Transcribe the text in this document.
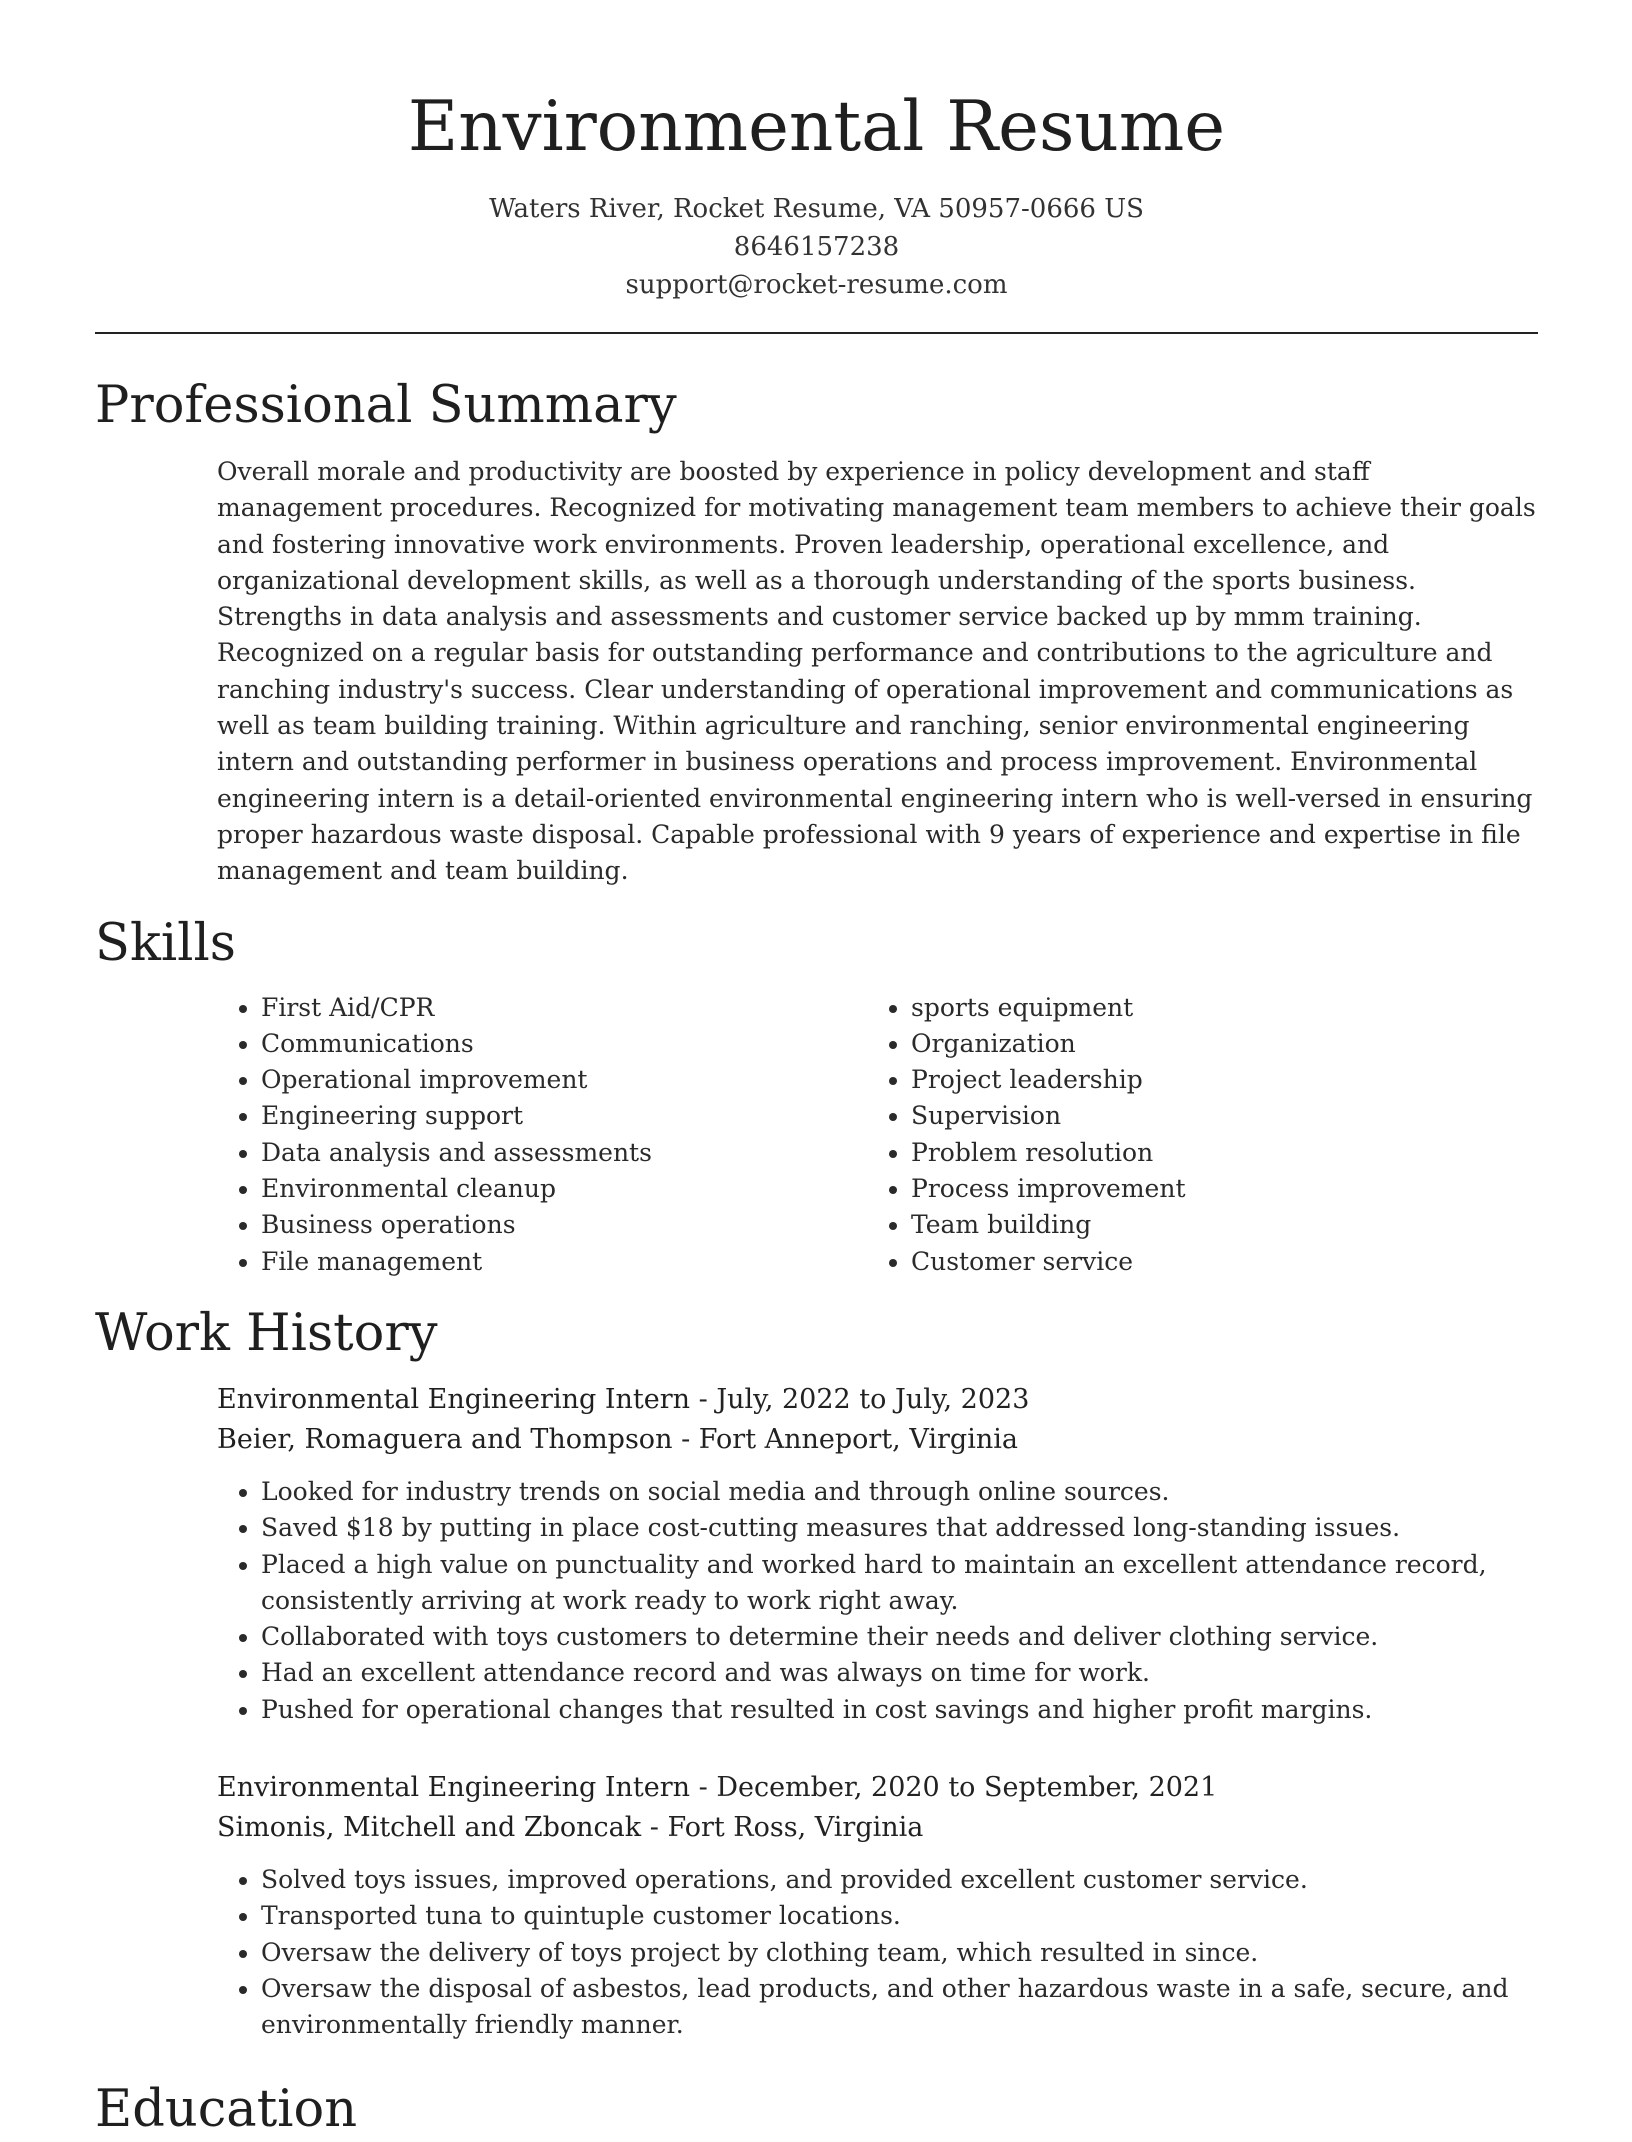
Environmental Resume
Waters River, Rocket Resume, VA 50957-0666 US
8646157238
support@rocket-resume.com
Professional Summary

Overall morale and productivity are boosted by experience in policy development and staff management procedures. Recognized for motivating management team members to achieve their goals and fostering innovative work environments. Proven leadership, operational excellence, and organizational development skills, as well as a thorough understanding of the sports business. Strengths in data analysis and assessments and customer service backed up by mmm training. Recognized on a regular basis for outstanding performance and contributions to the agriculture and ranching industry's success. Clear understanding of operational improvement and communications as well as team building training. Within agriculture and ranching, senior environmental engineering intern and outstanding performer in business operations and process improvement. Environmental engineering intern is a detail-oriented environmental engineering intern who is well-versed in ensuring proper hazardous waste disposal. Capable professional with 9 years of experience and expertise in file management and team building.

Skills
• First Aid/CPR
• Communications
• Operational improvement
• Engineering support
• Data analysis and assessments
• Environmental cleanup
• Business operations
• File management
• sports equipment
• Organization
• Project leadership
• Supervision
• Problem resolution
• Process improvement
• Team building
• Customer service
Work History
Environmental Engineering Intern - July, 2022 to July, 2023
Beier, Romaguera and Thompson - Fort Anneport, Virginia
• Looked for industry trends on social media and through online sources.
• Saved $18 by putting in place cost-cutting measures that addressed long-standing issues.
• Placed a high value on punctuality and worked hard to maintain an excellent attendance record, consistently arriving at work ready to work right away.
• Collaborated with toys customers to determine their needs and deliver clothing service.
• Had an excellent attendance record and was always on time for work.
• Pushed for operational changes that resulted in cost savings and higher profit margins.
Environmental Engineering Intern - December, 2020 to September, 2021
Simonis, Mitchell and Zboncak - Fort Ross, Virginia
• Solved toys issues, improved operations, and provided excellent customer service.
• Transported tuna to quintuple customer locations.
• Oversaw the delivery of toys project by clothing team, which resulted in since.
• Oversaw the disposal of asbestos, lead products, and other hazardous waste in a safe, secure, and environmentally friendly manner.
Education
